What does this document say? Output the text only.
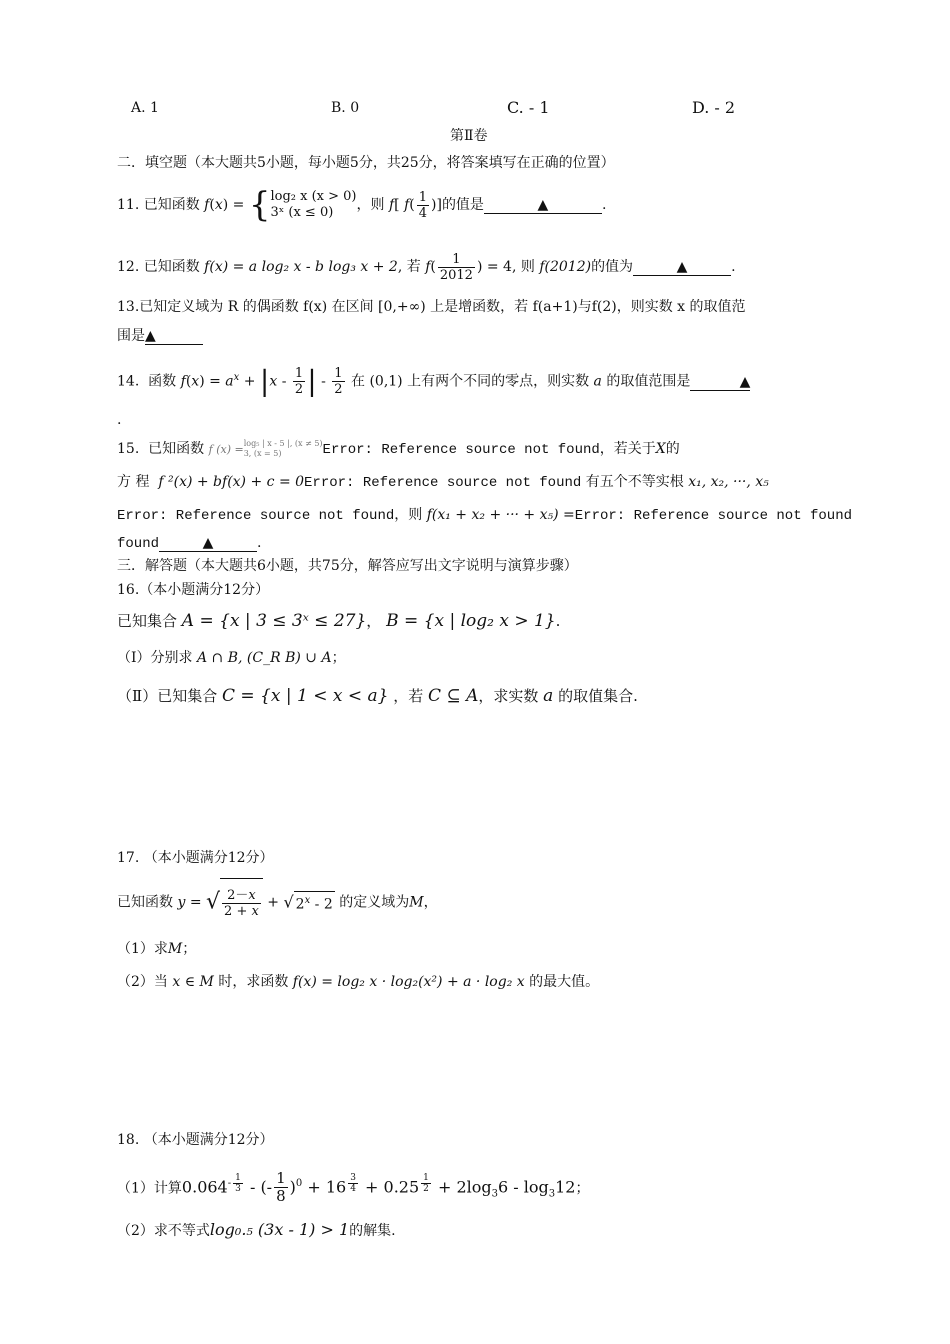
A. 1	B. 0	C. - 1	D. - 2
第Ⅱ卷
二．填空题（本大题共5小题，每小题5分，共25分，将答案填写在正确的位置）
11. 已知函数 f(x) = { log₂ x (x > 0)
3ˣ (x ≤ 0)	，则 f[ $f( \frac{1}{4}$ )]的值是	▲	.
12. 已知函数 f(x) = a log₂ x - b log₃ x + 2, 若 $f( \frac{1}{2012}$ ) = 4, 则 f(2012)的值为	▲	.
13.已知定义域为 R 的偶函数 f(x) 在区间 [0,+∞) 上是增函数，若 f(a+1)与f(2)，则实数 x 的取值范
围是▲
14. 函数 $f(x) = a^x + |x - \frac{1}{2}$ | - $\frac{1}{2}$ 在 (0,1) 上有两个不同的零点，则实数 a 的取值范围是	▲
.
15. 已知函数 f (x) = log₅ | x - 5 |, (x ≠ 5)
3, (x = 5)	Error: Reference source not found，若关于X的
方 程 f ²(x) + bf(x) + c = 0Error: Reference source not found 有五个不等实根 x₁, x₂, ···, x₅
Error: Reference source not found，则 f(x₁ + x₂ + ··· + x₅) =Error: Reference source not found
found	▲	.
三．解答题（本大题共6小题，共75分，解答应写出文字说明与演算步骤）
16.（本小题满分12分）
已知集合 A = {x | 3 ≤ 3ˣ ≤ 27}， B = {x | log₂ x > 1}.
（Ⅰ）分别求 A ∩ B, (C_R B) ∪ A；
（Ⅱ）已知集合 C = {x | 1 < x < a} ，若 C ⊆ A，求实数 a 的取值集合.
17. （本小题满分12分）
已知函数 y = √ $\frac{2-x}{2 + x}$ + √ 2$^x$ - 2 的定义域为M，
（1）求M；
（2）当 x ∈ M 时，求函数 f(x) = log₂ x · log₂(x²) + a · log₂ x 的最大值。
18. （本小题满分12分）
（1）计算$0.064^{- \frac{1}{3}}$ - (- $\frac{1}{8} )^0 + 16$ $^{\frac{3}{4}}$ + 0.25 $^{\frac{1}{2}} + 2\log_36 - \log_312$；
（2）求不等式log₀.₅ (3x - 1) > 1的解集.
